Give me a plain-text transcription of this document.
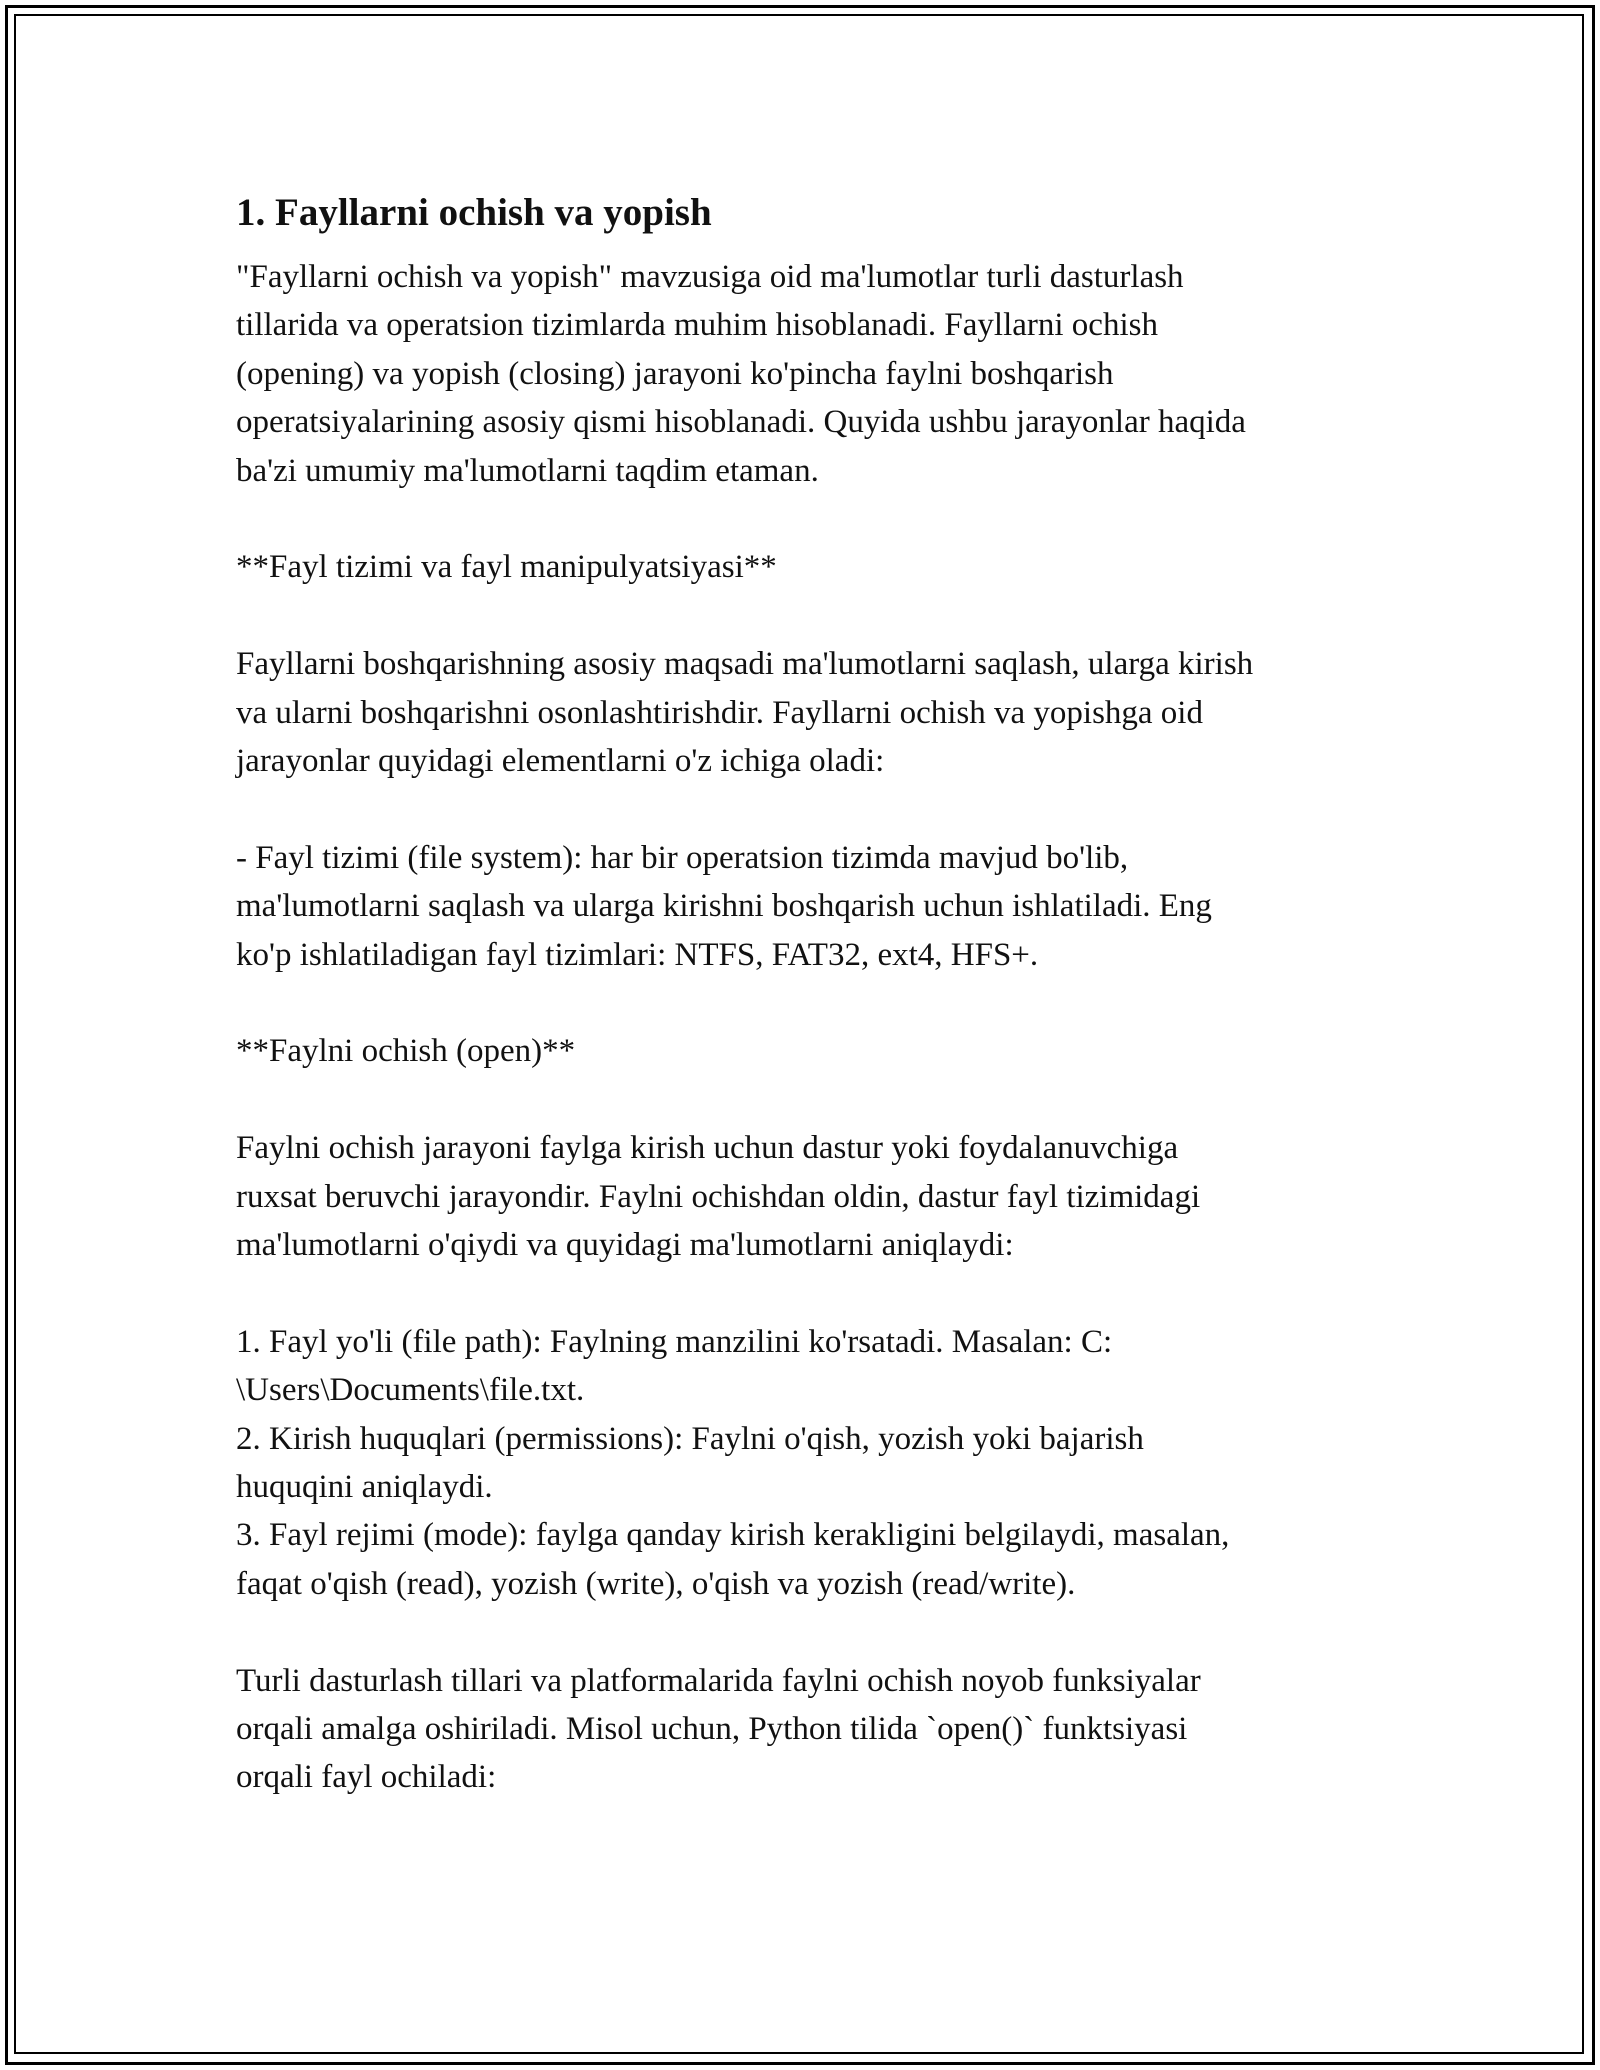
1. Fayllarni ochish va yopish
"Fayllarni ochish va yopish" mavzusiga oid ma'lumotlar turli dasturlash
tillarida va operatsion tizimlarda muhim hisoblanadi. Fayllarni ochish
(opening) va yopish (closing) jarayoni ko'pincha faylni boshqarish
operatsiyalarining asosiy qismi hisoblanadi. Quyida ushbu jarayonlar haqida
ba'zi umumiy ma'lumotlarni taqdim etaman.
**Fayl tizimi va fayl manipulyatsiyasi**
Fayllarni boshqarishning asosiy maqsadi ma'lumotlarni saqlash, ularga kirish
va ularni boshqarishni osonlashtirishdir. Fayllarni ochish va yopishga oid
jarayonlar quyidagi elementlarni o'z ichiga oladi:
- Fayl tizimi (file system): har bir operatsion tizimda mavjud bo'lib,
ma'lumotlarni saqlash va ularga kirishni boshqarish uchun ishlatiladi. Eng
ko'p ishlatiladigan fayl tizimlari: NTFS, FAT32, ext4, HFS+.
**Faylni ochish (open)**
Faylni ochish jarayoni faylga kirish uchun dastur yoki foydalanuvchiga
ruxsat beruvchi jarayondir. Faylni ochishdan oldin, dastur fayl tizimidagi
ma'lumotlarni o'qiydi va quyidagi ma'lumotlarni aniqlaydi:
1. Fayl yo'li (file path): Faylning manzilini ko'rsatadi. Masalan: C:
\Users\Documents\file.txt.
2. Kirish huquqlari (permissions): Faylni o'qish, yozish yoki bajarish
huquqini aniqlaydi.
3. Fayl rejimi (mode): faylga qanday kirish kerakligini belgilaydi, masalan,
faqat o'qish (read), yozish (write), o'qish va yozish (read/write).
Turli dasturlash tillari va platformalarida faylni ochish noyob funksiyalar
orqali amalga oshiriladi. Misol uchun, Python tilida `open()` funktsiyasi
orqali fayl ochiladi:
